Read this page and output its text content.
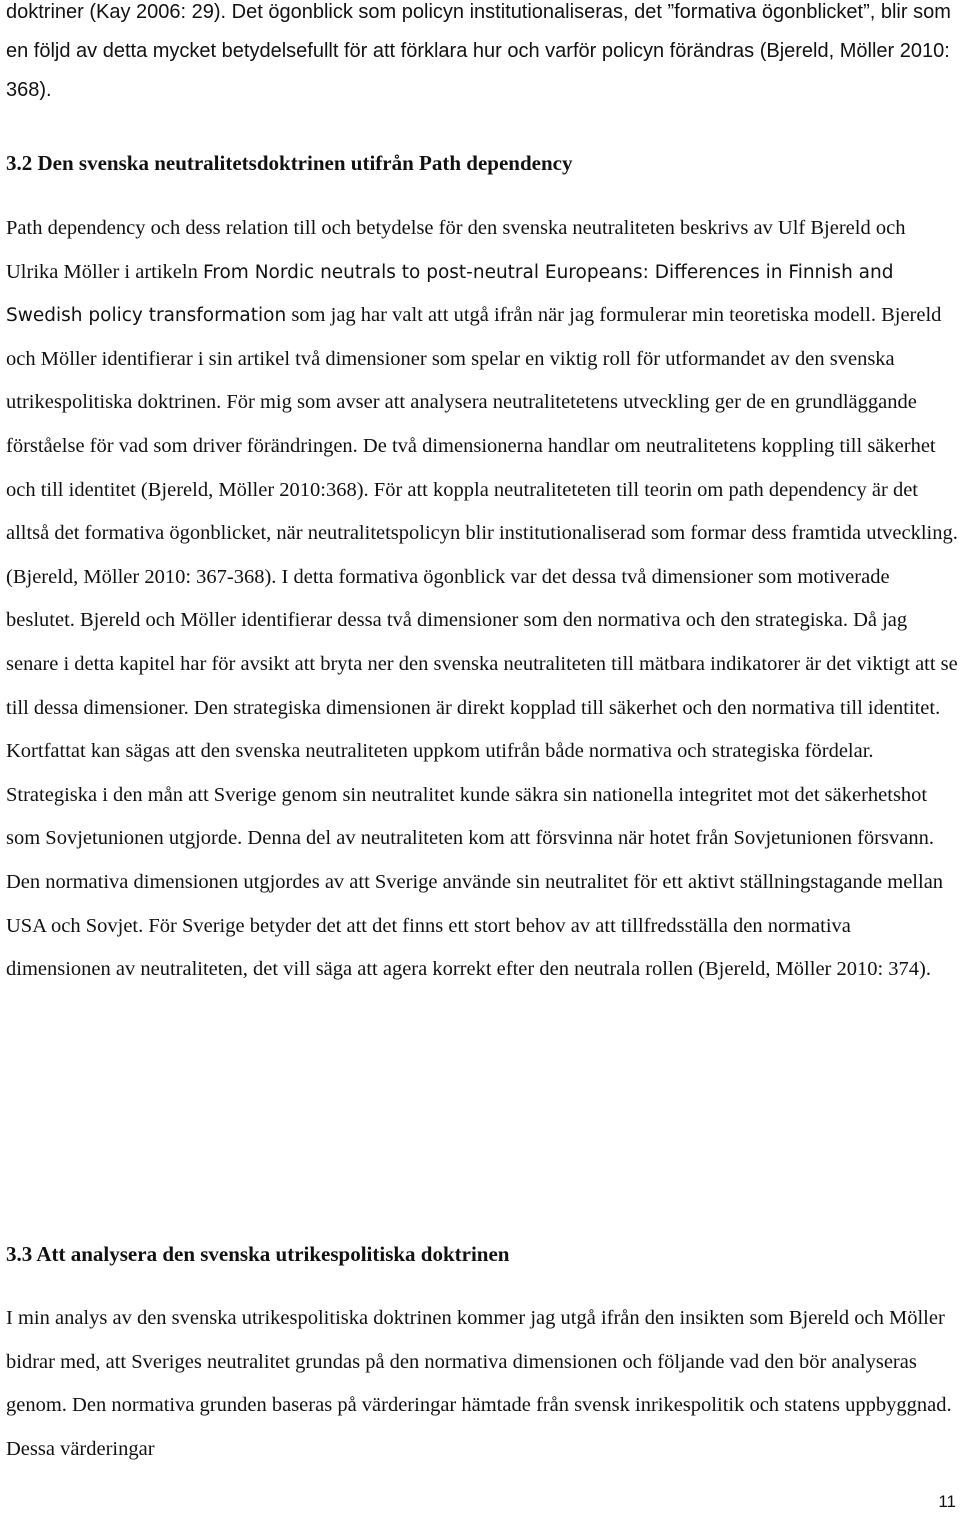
doktriner (Kay 2006: 29). Det ögonblick som policyn institutionaliseras, det ”formativa ögonblicket”, blir som en följd av detta mycket betydelsefullt för att förklara hur och varför policyn förändras (Bjereld, Möller 2010: 368).

3.2 Den svenska neutralitetsdoktrinen utifrån Path dependency

Path dependency och dess relation till och betydelse för den svenska neutraliteten beskrivs av Ulf Bjereld och Ulrika Möller i artikeln From Nordic neutrals to post-neutral Europeans: Differences in Finnish and Swedish policy transformation som jag har valt att utgå ifrån när jag formulerar min teoretiska modell. Bjereld och Möller identifierar i sin artikel två dimensioner som spelar en viktig roll för utformandet av den svenska utrikespolitiska doktrinen. För mig som avser att analysera neutralitetetens utveckling ger de en grundläggande förståelse för vad som driver förändringen. De två dimensionerna handlar om neutralitetens koppling till säkerhet och till identitet (Bjereld, Möller 2010:368). För att koppla neutraliteteten till teorin om path dependency är det alltså det formativa ögonblicket, när neutralitetspolicyn blir institutionaliserad som formar dess framtida utveckling. (Bjereld, Möller 2010: 367-368). I detta formativa ögonblick var det dessa två dimensioner som motiverade beslutet. Bjereld och Möller identifierar dessa två dimensioner som den normativa och den strategiska. Då jag senare i detta kapitel har för avsikt att bryta ner den svenska neutraliteten till mätbara indikatorer är det viktigt att se till dessa dimensioner. Den strategiska dimensionen är direkt kopplad till säkerhet och den normativa till identitet. Kortfattat kan sägas att den svenska neutraliteten uppkom utifrån både normativa och strategiska fördelar. Strategiska i den mån att Sverige genom sin neutralitet kunde säkra sin nationella integritet mot det säkerhetshot som Sovjetunionen utgjorde. Denna del av neutraliteten kom att försvinna när hotet från Sovjetunionen försvann. Den normativa dimensionen utgjordes av att Sverige använde sin neutralitet för ett aktivt ställningstagande mellan USA och Sovjet. För Sverige betyder det att det finns ett stort behov av att tillfredsställa den normativa dimensionen av neutraliteten, det vill säga att agera korrekt efter den neutrala rollen (Bjereld, Möller 2010: 374).

3.3 Att analysera den svenska utrikespolitiska doktrinen

I min analys av den svenska utrikespolitiska doktrinen kommer jag utgå ifrån den insikten som Bjereld och Möller bidrar med, att Sveriges neutralitet grundas på den normativa dimensionen och följande vad den bör analyseras genom. Den normativa grunden baseras på värderingar hämtade från svensk inrikespolitik och statens uppbyggnad. Dessa värderingar

11
